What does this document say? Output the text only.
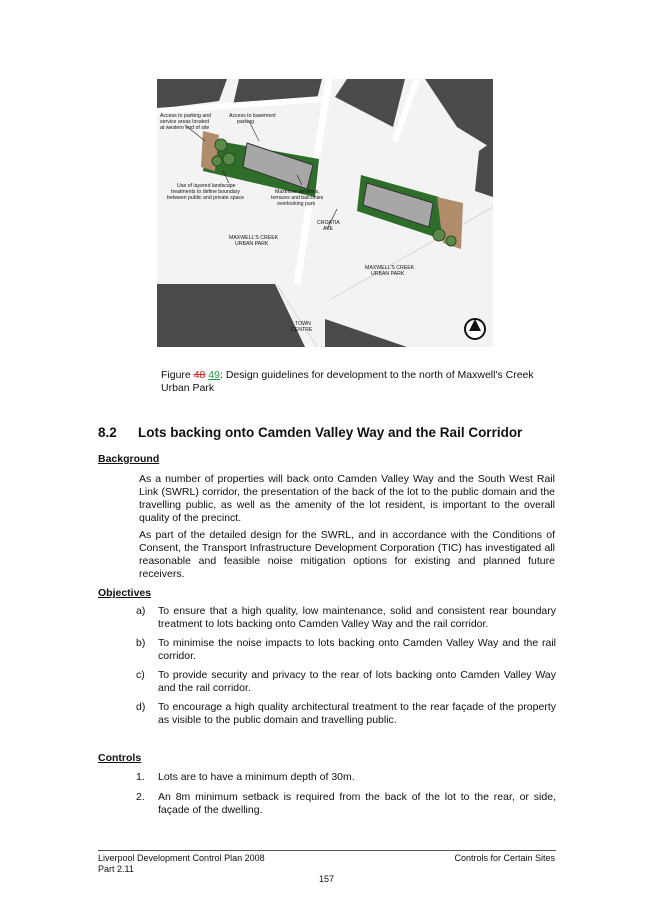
Access to parking and service areas located at western end of site
Access to basement parking
Use of layered landscape treatments to define boundary between public and private space
Maximise windows, terraces and balconies overlooking park
CROATIA AVE
MAXWELL'S CREEK URBAN PARK
MAXWELL'S CREEK URBAN PARK
TOWN CENTRE
Figure 48 49: Design guidelines for development to the north of Maxwell's Creek Urban Park
8.2 Lots backing onto Camden Valley Way and the Rail Corridor
Background

As a number of properties will back onto Camden Valley Way and the South West Rail Link (SWRL) corridor, the presentation of the back of the lot to the public domain and the travelling public, as well as the amenity of the lot resident, is important to the overall quality of the precinct.

As part of the detailed design for the SWRL, and in accordance with the Conditions of Consent, the Transport Infrastructure Development Corporation (TIC) has investigated all reasonable and feasible noise mitigation options for existing and planned future receivers.

Objectives
a) To ensure that a high quality, low maintenance, solid and consistent rear boundary treatment to lots backing onto Camden Valley Way and the rail corridor.
b) To minimise the noise impacts to lots backing onto Camden Valley Way and the rail corridor.
c) To provide security and privacy to the rear of lots backing onto Camden Valley Way and the rail corridor.
d) To encourage a high quality architectural treatment to the rear façade of the property as visible to the public domain and travelling public.
Controls
1. Lots are to have a minimum depth of 30m.
2. An 8m minimum setback is required from the back of the lot to the rear, or side, façade of the dwelling.
Liverpool Development Control Plan 2008
Part 2.11
Controls for Certain Sites
157
